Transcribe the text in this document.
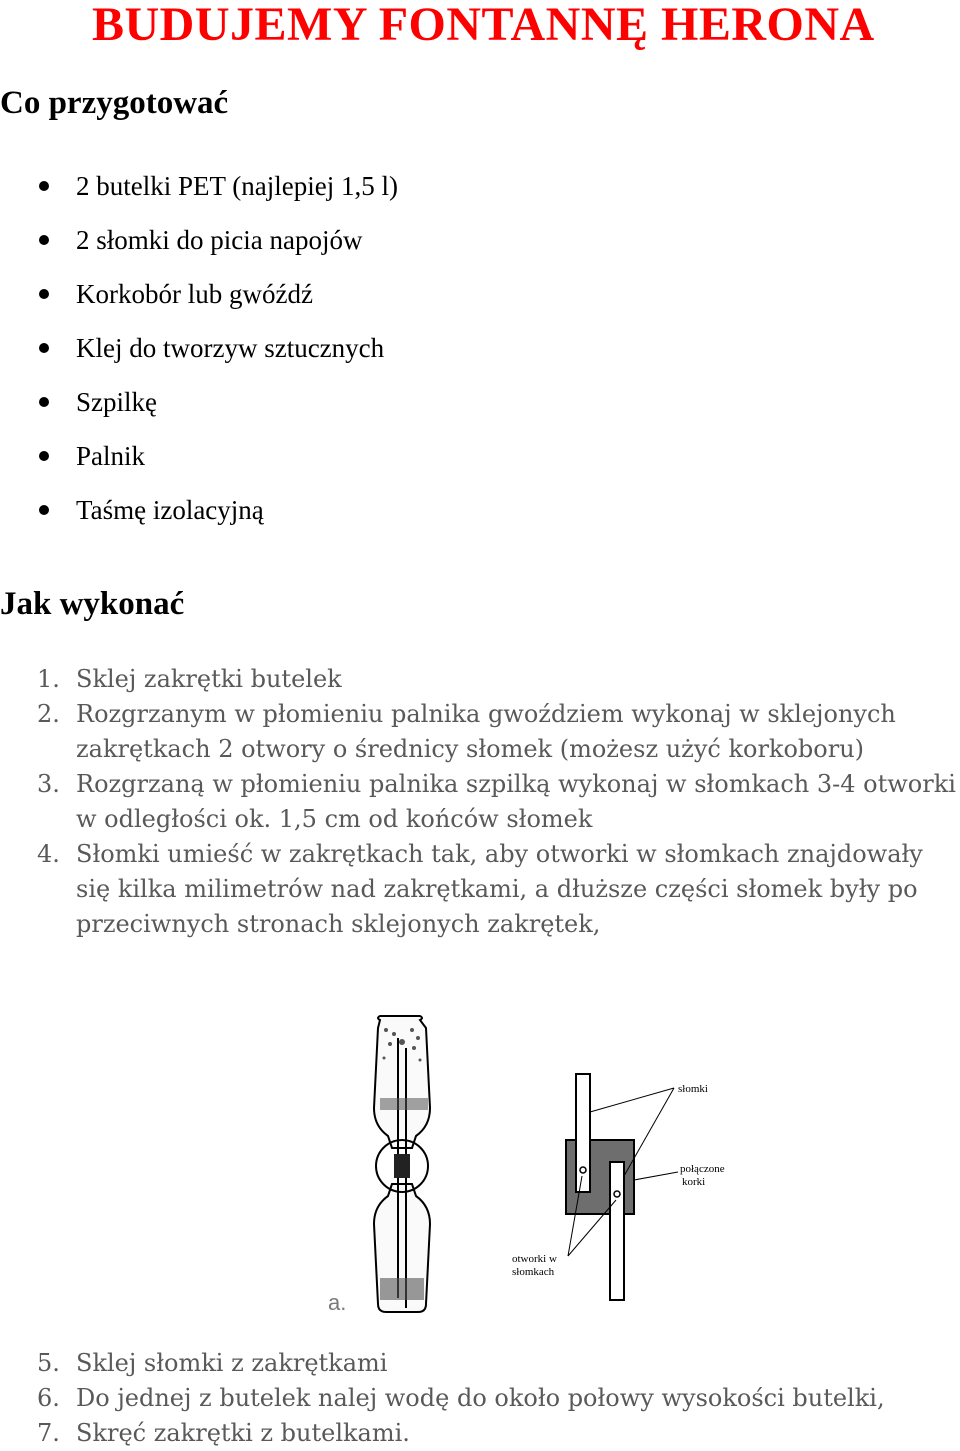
BUDUJEMY FONTANNĘ HERONA
Co przygotować
2 butelki PET (najlepiej 1,5 l)
2 słomki do picia napojów
Korkobór lub gwóźdź
Klej do tworzyw sztucznych
Szpilkę
Palnik
Taśmę izolacyjną
Jak wykonać
1. Sklej zakrętki butelek
2. Rozgrzanym w płomieniu palnika gwoździem wykonaj w sklejonych zakrętkach 2 otwory o średnicy słomek (możesz użyć korkoboru)
3. Rozgrzaną w płomieniu palnika szpilką wykonaj w słomkach 3-4 otworki w odległości ok. 1,5 cm od końców słomek
4. Słomki umieść w zakrętkach tak, aby otworki w słomkach znajdowały się kilka milimetrów nad zakrętkami, a dłuższe części słomek były po przeciwnych stronach sklejonych zakrętek,
słomki
połączone
korki
otworki w
słomkach
a.
5. Sklej słomki z zakrętkami
6. Do jednej z butelek nalej wodę do około połowy wysokości butelki,
7. Skręć zakrętki z butelkami.
